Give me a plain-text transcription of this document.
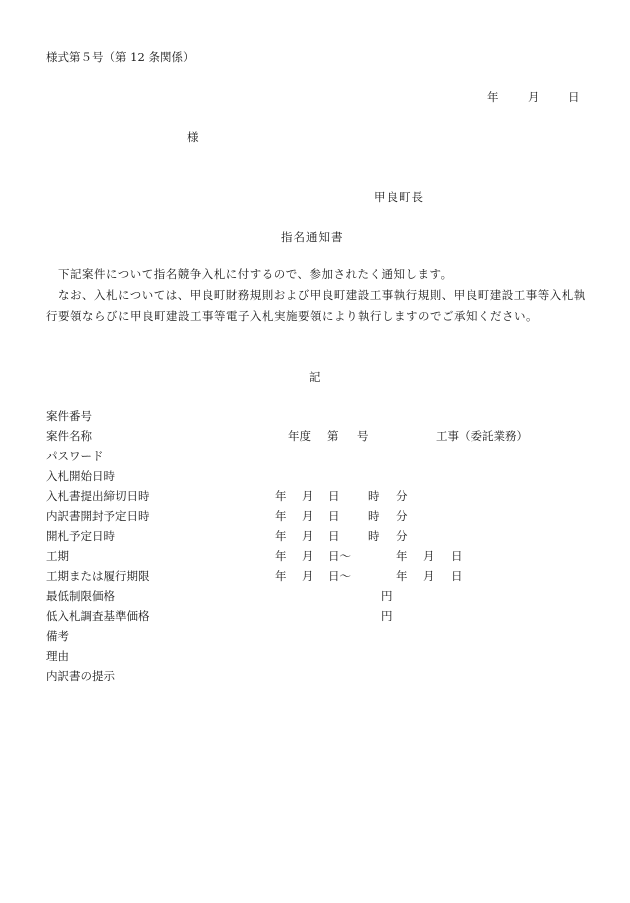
様式第５号（第 12 条関係）
年	月 日
様
甲良町長
指名通知書
下記案件について指名競争入札に付するので、参加されたく通知します。
なお、入札については、甲良町財務規則および甲良町建設工事執行規則、甲良町建設工事等入札執行要領ならびに甲良町建設工事等電子入札実施要領により執行しますのでご承知ください。
記
案件番号
案件名称	年度 第 号	工事（委託業務）
パスワード
入札開始日時
入札書提出締切日時	年 月 日 時 分
内訳書開封予定日時	年 月 日 時 分
開札予定日時	年 月 日 時 分
工期	年 月 日～	年 月 日
工期または履行期限	年 月 日～	年 月 日
最低制限価格	円
低入札調査基準価格	円
備考
理由
内訳書の提示
